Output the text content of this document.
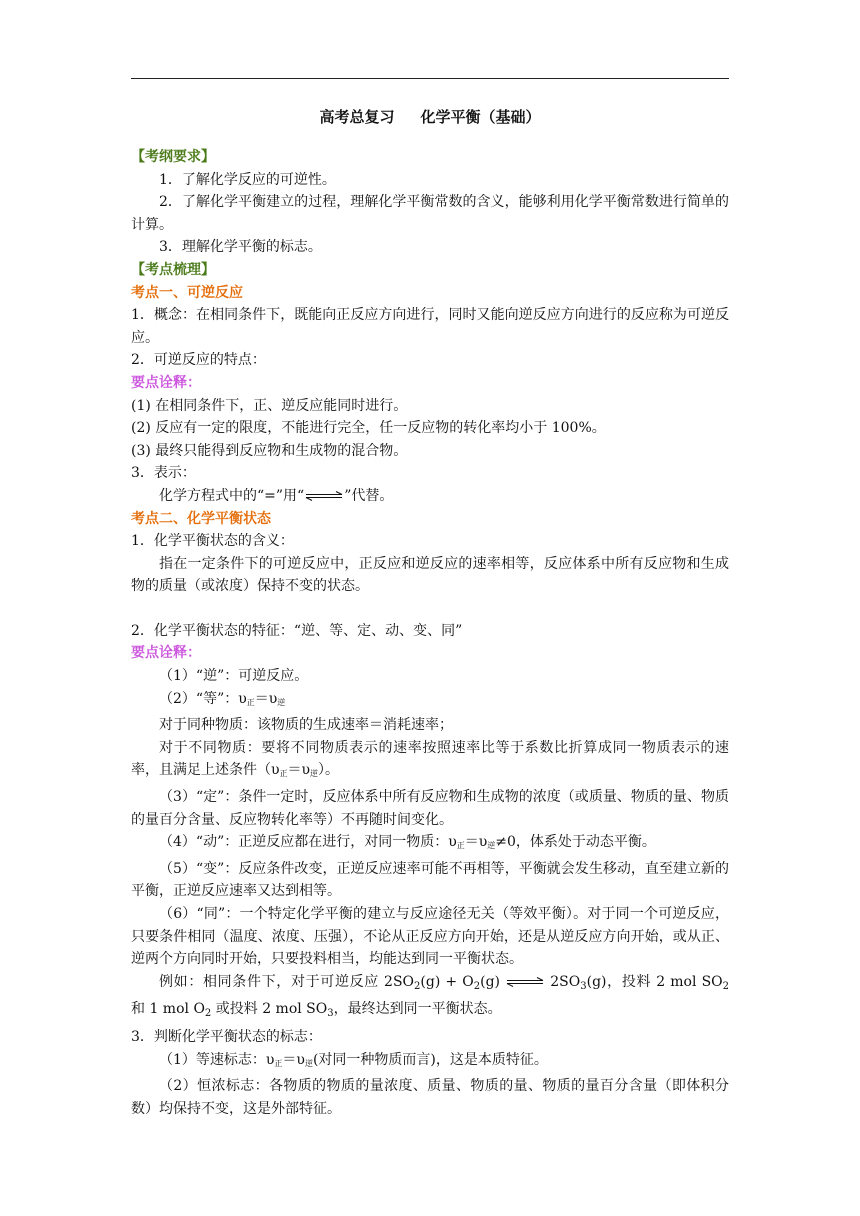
高考总复习 化学平衡（基础）

【考纲要求】

1．了解化学反应的可逆性。

2．了解化学平衡建立的过程，理解化学平衡常数的含义，能够利用化学平衡常数进行简单的计算。

3．理解化学平衡的标志。

【考点梳理】

考点一、可逆反应

1．概念：在相同条件下，既能向正反应方向进行，同时又能向逆反应方向进行的反应称为可逆反应。

2．可逆反应的特点：

要点诠释：

(1) 在相同条件下，正、逆反应能同时进行。

(2) 反应有一定的限度，不能进行完全，任一反应物的转化率均小于 100%。

(3) 最终只能得到反应物和生成物的混合物。

3．表示：

化学方程式中的“=”用“⇌”代替。

考点二、化学平衡状态

1．化学平衡状态的含义：

指在一定条件下的可逆反应中，正反应和逆反应的速率相等，反应体系中所有反应物和生成物的质量（或浓度）保持不变的状态。

2．化学平衡状态的特征：“逆、等、定、动、变、同”

要点诠释：

（1）“逆”：可逆反应。

（2）“等”：$\upsilon_正=\upsilon_逆$

对于同种物质：该物质的生成速率＝消耗速率；

对于不同物质：要将不同物质表示的速率按照速率比等于系数比折算成同一物质表示的速率，且满足上述条件$(\upsilon_正=\upsilon_逆)$。

（3）“定”：条件一定时，反应体系中所有反应物和生成物的浓度（或质量、物质的量、物质的量百分含量、反应物转化率等）不再随时间变化。

（4）“动”：正逆反应都在进行，对同一物质：$\upsilon_正=\upsilon_逆\ne 0$，体系处于动态平衡。

（5）“变”：反应条件改变，正逆反应速率可能不再相等，平衡就会发生移动，直至建立新的平衡，正逆反应速率又达到相等。

（6）“同”：一个特定化学平衡的建立与反应途径无关（等效平衡）。对于同一个可逆反应，只要条件相同（温度、浓度、压强），不论从正反应方向开始，还是从逆反应方向开始，或从正、逆两个方向同时开始，只要投料相当，均能达到同一平衡状态。

例如：相同条件下，对于可逆反应 $2SO_2(g) + O_2(g)$ ⇌ $2SO_3(g)$，投料 2 mol $SO_2$ 和 1 mol $O_2$ 或投料 2 mol $SO_3$，最终达到同一平衡状态。

3．判断化学平衡状态的标志：

（1）等速标志：$\upsilon_正=\upsilon_逆$(对同一种物质而言)，这是本质特征。

（2）恒浓标志：各物质的物质的量浓度、质量、物质的量、物质的量百分含量（即体积分数）均保持不变，这是外部特征。
